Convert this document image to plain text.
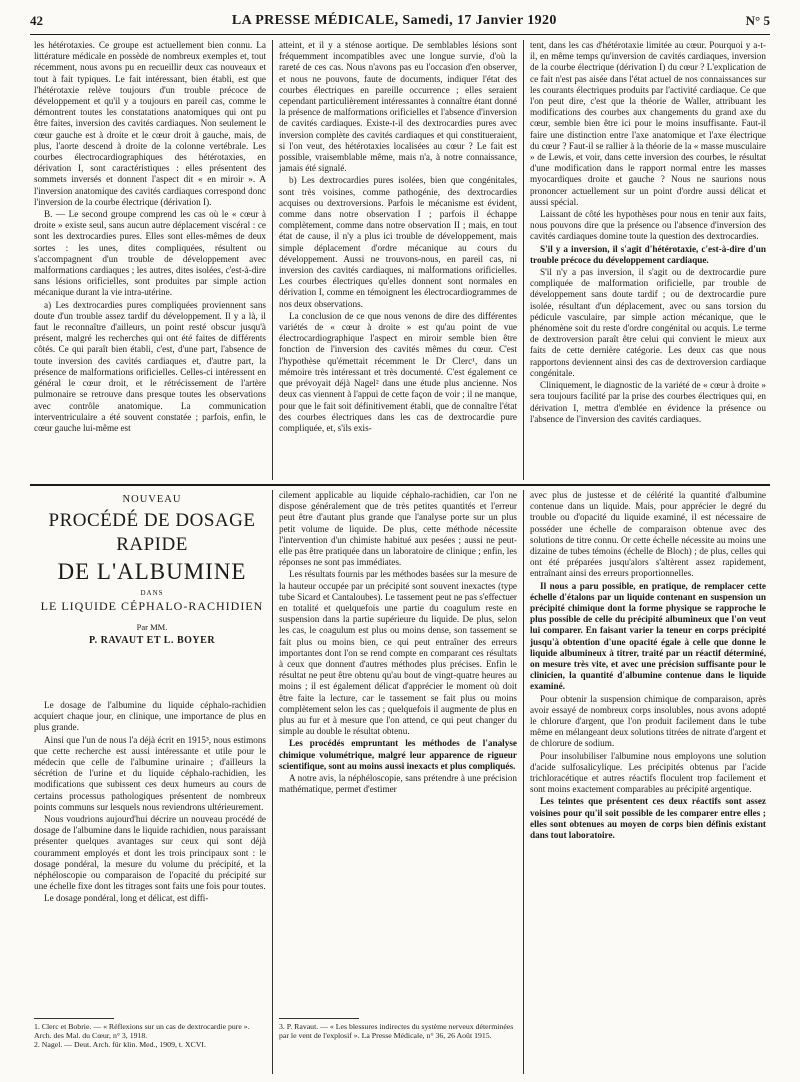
42	LA PRESSE MÉDICALE, Samedi, 17 Janvier 1920	N° 5

les hétérotaxies. Ce groupe est actuellement bien connu. La littérature médicale en possède de nombreux exemples et, tout récemment, nous avons pu en recueillir deux cas nouveaux et tout à fait typiques. Le fait intéressant, bien établi, est que l'hétérotaxie relève toujours d'un trouble précoce de développement et qu'il y a toujours en pareil cas, comme le démontrent toutes les constatations anatomiques qui ont pu être faites, inversion des cavités cardiaques. Non seulement le cœur gauche est à droite et le cœur droit à gauche, mais, de plus, l'aorte descend à droite de la colonne vertébrale. Les courbes électrocardiographiques des hétérotaxies, en dérivation I, sont caractéristiques : elles présentent des sommets inversés et donnent l'aspect dit « en miroir ». A l'inversion anatomique des cavités cardiaques correspond donc l'inversion de la courbe électrique (dérivation I).

B. — Le second groupe comprend les cas où le « cœur à droite » existe seul, sans aucun autre déplacement viscéral : ce sont les dextrocardies pures. Elles sont elles-mêmes de deux sortes : les unes, dites compliquées, résultent ou s'accompagnent d'un trouble de développement avec malformations cardiaques ; les autres, dites isolées, c'est-à-dire sans lésions orificielles, sont produites par simple action mécanique durant la vie intra-utérine.

a) Les dextrocardies pures compliquées proviennent sans doute d'un trouble assez tardif du développement. Il y a là, il faut le reconnaître d'ailleurs, un point resté obscur jusqu'à présent, malgré les recherches qui ont été faites de différents côtés. Ce qui paraît bien établi, c'est, d'une part, l'absence de toute inversion des cavités cardiaques et, d'autre part, la présence de malformations orificielles. Celles-ci intéressent en général le cœur droit, et le rétrécissement de l'artère pulmonaire se retrouve dans presque toutes les observations avec contrôle anatomique. La communication interventriculaire a été souvent constatée ; parfois, enfin, le cœur gauche lui-même est

atteint, et il y a sténose aortique. De semblables lésions sont fréquemment incompatibles avec une longue survie, d'où la rareté de ces cas. Nous n'avons pas eu l'occasion d'en observer, et nous ne pouvons, faute de documents, indiquer l'état des courbes électriques en pareille occurrence ; elles seraient cependant particulièrement intéressantes à connaître étant donné la présence de malformations orificielles et l'absence d'inversion de cavités cardiaques. Existe-t-il des dextrocardies pures avec inversion complète des cavités cardiaques et qui constitueraient, si l'on veut, des hétérotaxies localisées au cœur ? Le fait est possible, vraisemblable même, mais n'a, à notre connaissance, jamais été signalé.

b) Les dextrocardies pures isolées, bien que congénitales, sont très voisines, comme pathogénie, des dextrocardies acquises ou dextroversions. Parfois le mécanisme est évident, comme dans notre observation I ; parfois il échappe complètement, comme dans notre observation II ; mais, en tout état de cause, il n'y a plus ici trouble de développement, mais simple déplacement d'ordre mécanique au cours du développement. Aussi ne trouvons-nous, en pareil cas, ni inversion des cavités cardiaques, ni malformations orificielles. Les courbes électriques qu'elles donnent sont normales en dérivation I, comme en témoignent les électrocardiogrammes de nos deux observations.

La conclusion de ce que nous venons de dire des différentes variétés de « cœur à droite » est qu'au point de vue électrocardiographique l'aspect en miroir semble bien être fonction de l'inversion des cavités mêmes du cœur. C'est l'hypothèse qu'émettait récemment le Dr Clerc¹, dans un mémoire très intéressant et très documenté. C'est également ce que prévoyait déjà Nagel² dans une étude plus ancienne. Nos deux cas viennent à l'appui de cette façon de voir ; il ne manque, pour que le fait soit définitivement établi, que de connaître l'état des courbes électriques dans les cas de dextrocardie pure compliquée, et, s'ils exis-

tent, dans les cas d'hétérotaxie limitée au cœur. Pourquoi y a-t-il, en même temps qu'inversion de cavités cardiaques, inversion de la courbe électrique (dérivation I) du cœur ? L'explication de ce fait n'est pas aisée dans l'état actuel de nos connaissances sur les courants électriques produits par l'activité cardiaque. Ce que l'on peut dire, c'est que la théorie de Waller, attribuant les modifications des courbes aux changements du grand axe du cœur, semble bien être ici pour le moins insuffisante. Faut-il faire une distinction entre l'axe anatomique et l'axe électrique du cœur ? Faut-il se rallier à la théorie de la « masse musculaire » de Lewis, et voir, dans cette inversion des courbes, le résultat d'une modification dans le rapport normal entre les masses myocardiques droite et gauche ? Nous ne saurions nous prononcer actuellement sur un point d'ordre aussi délicat et aussi spécial.

Laissant de côté les hypothèses pour nous en tenir aux faits, nous pouvons dire que la présence ou l'absence d'inversion des cavités cardiaques domine toute la question des dextrocardies.

S'il y a inversion, il s'agit d'hétérotaxie, c'est-à-dire d'un trouble précoce du développement cardiaque.

S'il n'y a pas inversion, il s'agit ou de dextrocardie pure compliquée de malformation orificielle, par trouble de développement sans doute tardif ; ou de dextrocardie pure isolée, résultant d'un déplacement, avec ou sans torsion du pédicule vasculaire, par simple action mécanique, que le phénomène soit du reste d'ordre congénital ou acquis. Le terme de dextroversion paraît être celui qui convient le mieux aux faits de cette dernière catégorie. Les deux cas que nous rapportons deviennent ainsi des cas de dextroversion cardiaque congénitale.

Cliniquement, le diagnostic de la variété de « cœur à droite » sera toujours facilité par la prise des courbes électriques qui, en dérivation I, mettra d'emblée en évidence la présence ou l'absence de l'inversion des cavités cardiaques.

NOUVEAU
PROCÉDÉ DE DOSAGE RAPIDE
DE L'ALBUMINE
DANS
LE LIQUIDE CÉPHALO-RACHIDIEN
Par MM.
P. RAVAUT ET L. BOYER

Le dosage de l'albumine du liquide céphalo-rachidien acquiert chaque jour, en clinique, une importance de plus en plus grande.

Ainsi que l'un de nous l'a déjà écrit en 1915³, nous estimons que cette recherche est aussi intéressante et utile pour le médecin que celle de l'albumine urinaire ; d'ailleurs la sécrétion de l'urine et du liquide céphalo-rachidien, les modifications que subissent ces deux humeurs au cours de certains processus pathologiques présentent de nombreux points communs sur lesquels nous reviendrons ultérieurement.

Nous voudrions aujourd'hui décrire un nouveau procédé de dosage de l'albumine dans le liquide rachidien, nous paraissant présenter quelques avantages sur ceux qui sont déjà couramment employés et dont les trois principaux sont : le dosage pondéral, la mesure du volume du précipité, et la néphéloscopie ou comparaison de l'opacité du précipité sur une échelle fixe dont les titrages sont faits une fois pour toutes.

Le dosage pondéral, long et délicat, est diffi-

cilement applicable au liquide céphalo-rachidien, car l'on ne dispose généralement que de très petites quantités et l'erreur peut être d'autant plus grande que l'analyse porte sur un plus petit volume de liquide. De plus, cette méthode nécessite l'intervention d'un chimiste habitué aux pesées ; aussi ne peut-elle pas être pratiquée dans un laboratoire de clinique ; enfin, les réponses ne sont pas immédiates.

Les résultats fournis par les méthodes basées sur la mesure de la hauteur occupée par un précipité sont souvent inexactes (type tube Sicard et Cantaloubes). Le tassement peut ne pas s'effectuer en totalité et quelquefois une partie du coagulum reste en suspension dans la partie supérieure du liquide. De plus, selon les cas, le coagulum est plus ou moins dense, son tassement se fait plus ou moins bien, ce qui peut entraîner des erreurs importantes dont l'on se rend compte en comparant ces résultats à ceux que donnent d'autres méthodes plus précises. Enfin le résultat ne peut être obtenu qu'au bout de vingt-quatre heures au moins ; il est également délicat d'apprécier le moment où doit être faite la lecture, car le tassement se fait plus ou moins complètement selon les cas ; quelquefois il augmente de plus en plus au fur et à mesure que l'on attend, ce qui peut changer du simple au double le résultat obtenu.

Les procédés empruntant les méthodes de l'analyse chimique volumétrique, malgré leur apparence de rigueur scientifique, sont au moins aussi inexacts et plus compliqués.

A notre avis, la néphéloscopie, sans prétendre à une précision mathématique, permet d'estimer

avec plus de justesse et de célérité la quantité d'albumine contenue dans un liquide. Mais, pour apprécier le degré du trouble ou d'opacité du liquide examiné, il est nécessaire de posséder une échelle de comparaison obtenue avec des solutions de titre connu. Or cette échelle nécessite au moins une dizaine de tubes témoins (échelle de Bloch) ; de plus, celles qui ont été préparées jusqu'alors s'altèrent assez rapidement, entraînant ainsi des erreurs proportionnelles.

Il nous a paru possible, en pratique, de remplacer cette échelle d'étalons par un liquide contenant en suspension un précipité chimique dont la forme physique se rapproche le plus possible de celle du précipité albumineux que l'on veut lui comparer. En faisant varier la teneur en corps précipité jusqu'à obtention d'une opacité égale à celle que donne le liquide albumineux à titrer, traité par un réactif déterminé, on mesure très vite, et avec une précision suffisante pour le clinicien, la quantité d'albumine contenue dans le liquide examiné.

Pour obtenir la suspension chimique de comparaison, après avoir essayé de nombreux corps insolubles, nous avons adopté le chlorure d'argent, que l'on produit facilement dans le tube même en mélangeant deux solutions titrées de nitrate d'argent et de chlorure de sodium.

Pour insolubiliser l'albumine nous employons une solution d'acide sulfosalicylique. Les précipités obtenus par l'acide trichloracétique et autres réactifs floculent trop facilement et sont moins exactement comparables au précipité argentique.

Les teintes que présentent ces deux réactifs sont assez voisines pour qu'il soit possible de les comparer entre elles ; elles sont obtenues au moyen de corps bien définis existant dans tout laboratoire.

1. Clerc et Bobrie. — « Réflexions sur un cas de dextrocardie pure ». Arch. des Mal. du Cœur, n° 3, 1918.
2. Nagel. — Deut. Arch. für klin. Med., 1909, t. XCVI.
3. P. Ravaut. — « Les blessures indirectes du système nerveux déterminées par le vent de l'explosif ». La Presse Médicale, n° 36, 26 Août 1915.
